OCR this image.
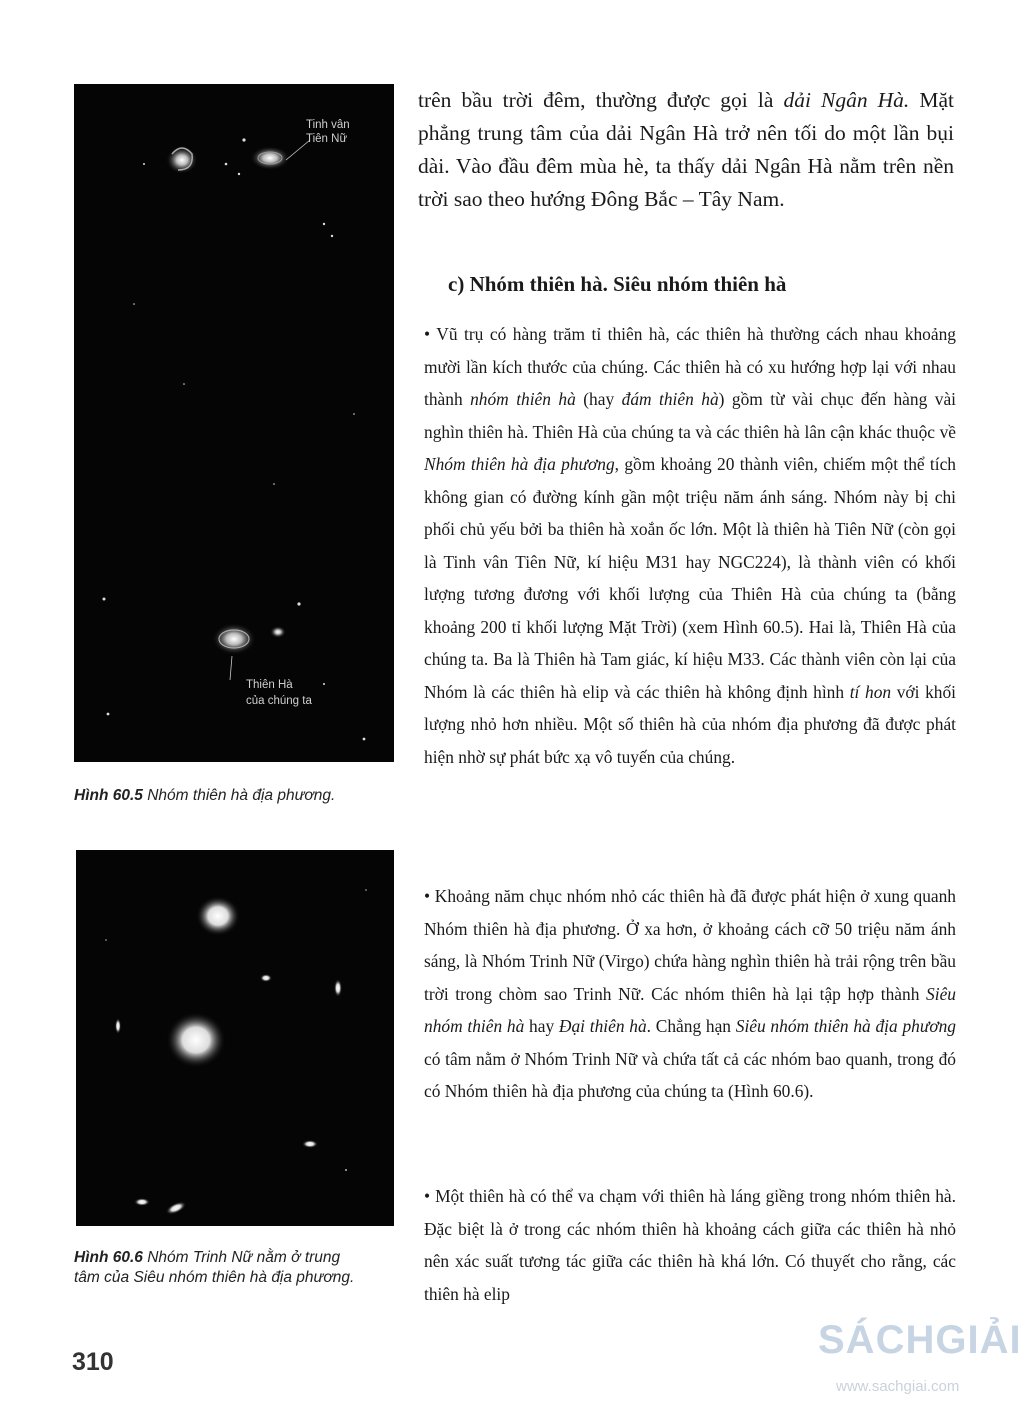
Tinh vân
Tiên Nữ
Thiên Hà
của chúng ta
Hình 60.5 Nhóm thiên hà địa phương.
Hình 60.6 Nhóm Trinh Nữ nằm ở trung
tâm của Siêu nhóm thiên hà địa phương.
trên bầu trời đêm, thường được gọi là dải Ngân Hà. Mặt phẳng trung tâm của dải Ngân Hà trở nên tối do một lần bụi dài. Vào đầu đêm mùa hè, ta thấy dải Ngân Hà nằm trên nền trời sao theo hướng Đông Bắc – Tây Nam.
c) Nhóm thiên hà. Siêu nhóm thiên hà

• Vũ trụ có hàng trăm tỉ thiên hà, các thiên hà thường cách nhau khoảng mười lần kích thước của chúng. Các thiên hà có xu hướng hợp lại với nhau thành nhóm thiên hà (hay đám thiên hà) gồm từ vài chục đến hàng vài nghìn thiên hà. Thiên Hà của chúng ta và các thiên hà lân cận khác thuộc về Nhóm thiên hà địa phương, gồm khoảng 20 thành viên, chiếm một thể tích không gian có đường kính gần một triệu năm ánh sáng. Nhóm này bị chi phối chủ yếu bởi ba thiên hà xoắn ốc lớn. Một là thiên hà Tiên Nữ (còn gọi là Tinh vân Tiên Nữ, kí hiệu M31 hay NGC224), là thành viên có khối lượng tương đương với khối lượng của Thiên Hà của chúng ta (bằng khoảng 200 tỉ khối lượng Mặt Trời) (xem Hình 60.5). Hai là, Thiên Hà của chúng ta. Ba là Thiên hà Tam giác, kí hiệu M33. Các thành viên còn lại của Nhóm là các thiên hà elip và các thiên hà không định hình tí hon với khối lượng nhỏ hơn nhiều. Một số thiên hà của nhóm địa phương đã được phát hiện nhờ sự phát bức xạ vô tuyến của chúng.

• Khoảng năm chục nhóm nhỏ các thiên hà đã được phát hiện ở xung quanh Nhóm thiên hà địa phương. Ở xa hơn, ở khoảng cách cỡ 50 triệu năm ánh sáng, là Nhóm Trinh Nữ (Virgo) chứa hàng nghìn thiên hà trải rộng trên bầu trời trong chòm sao Trinh Nữ. Các nhóm thiên hà lại tập hợp thành Siêu nhóm thiên hà hay Đại thiên hà. Chẳng hạn Siêu nhóm thiên hà địa phương có tâm nằm ở Nhóm Trinh Nữ và chứa tất cả các nhóm bao quanh, trong đó có Nhóm thiên hà địa phương của chúng ta (Hình 60.6).

• Một thiên hà có thể va chạm với thiên hà láng giềng trong nhóm thiên hà. Đặc biệt là ở trong các nhóm thiên hà khoảng cách giữa các thiên hà nhỏ nên xác suất tương tác giữa các thiên hà khá lớn. Có thuyết cho rằng, các thiên hà elip

310	SÁCHGIẢI
www.sachgiai.com
